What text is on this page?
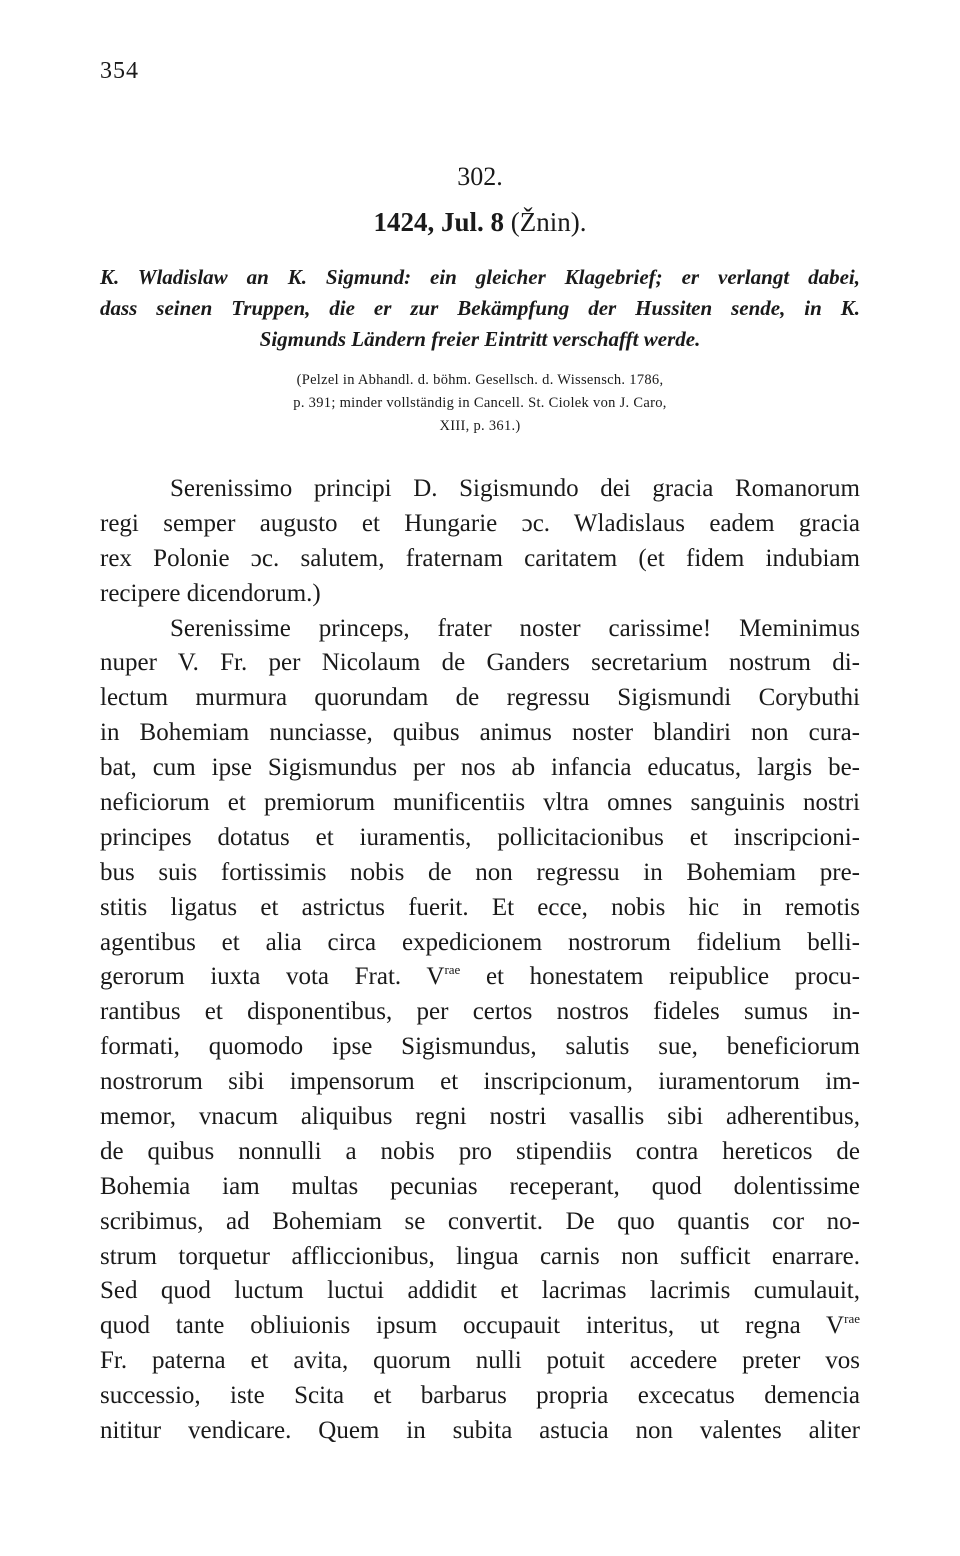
354
302.
1424, Jul. 8 (Žnin).
K. Wladislaw an K. Sigmund: ein gleicher Klagebrief; er verlangt dabei,
dass seinen Truppen, die er zur Bekämpfung der Hussiten sende, in K.
Sigmunds Ländern freier Eintritt verschafft werde.
(Pelzel in Abhandl. d. böhm. Gesellsch. d. Wissensch. 1786,
p. 391; minder vollständig in Cancell. St. Ciolek von J. Caro,
XIII, p. 361.)
Serenissimo principi D. Sigismundo dei gracia Romanorum
regi semper augusto et Hungarie ɔc. Wladislaus eadem gracia
rex Polonie ɔc. salutem, fraternam caritatem (et fidem indubiam
recipere dicendorum.)
Serenissime princeps, frater noster carissime! Meminimus
nuper V. Fr. per Nicolaum de Ganders secretarium nostrum di-
lectum murmura quorundam de regressu Sigismundi Corybuthi
in Bohemiam nunciasse, quibus animus noster blandiri non cura-
bat, cum ipse Sigismundus per nos ab infancia educatus, largis be-
neficiorum et premiorum munificentiis vltra omnes sanguinis nostri
principes dotatus et iuramentis, pollicitacionibus et inscripcioni-
bus suis fortissimis nobis de non regressu in Bohemiam pre-
stitis ligatus et astrictus fuerit. Et ecce, nobis hic in remotis
agentibus et alia circa expedicionem nostrorum fidelium belli-
gerorum iuxta vota Frat. $V^{rae}$ et honestatem reipublice procu-
rantibus et disponentibus, per certos nostros fideles sumus in-
formati, quomodo ipse Sigismundus, salutis sue, beneficiorum
nostrorum sibi impensorum et inscripcionum, iuramentorum im-
memor, vnacum aliquibus regni nostri vasallis sibi adherentibus,
de quibus nonnulli a nobis pro stipendiis contra hereticos de
Bohemia iam multas pecunias receperant, quod dolentissime
scribimus, ad Bohemiam se convertit. De quo quantis cor no-
strum torquetur affliccionibus, lingua carnis non sufficit enarrare.
Sed quod luctum luctui addidit et lacrimas lacrimis cumulauit,
quod tante obliuionis ipsum occupauit interitus, ut regna $V^{rae}$
Fr. paterna et avita, quorum nulli potuit accedere preter vos
successio, iste Scita et barbarus propria excecatus demencia
nititur vendicare. Quem in subita astucia non valentes aliter
